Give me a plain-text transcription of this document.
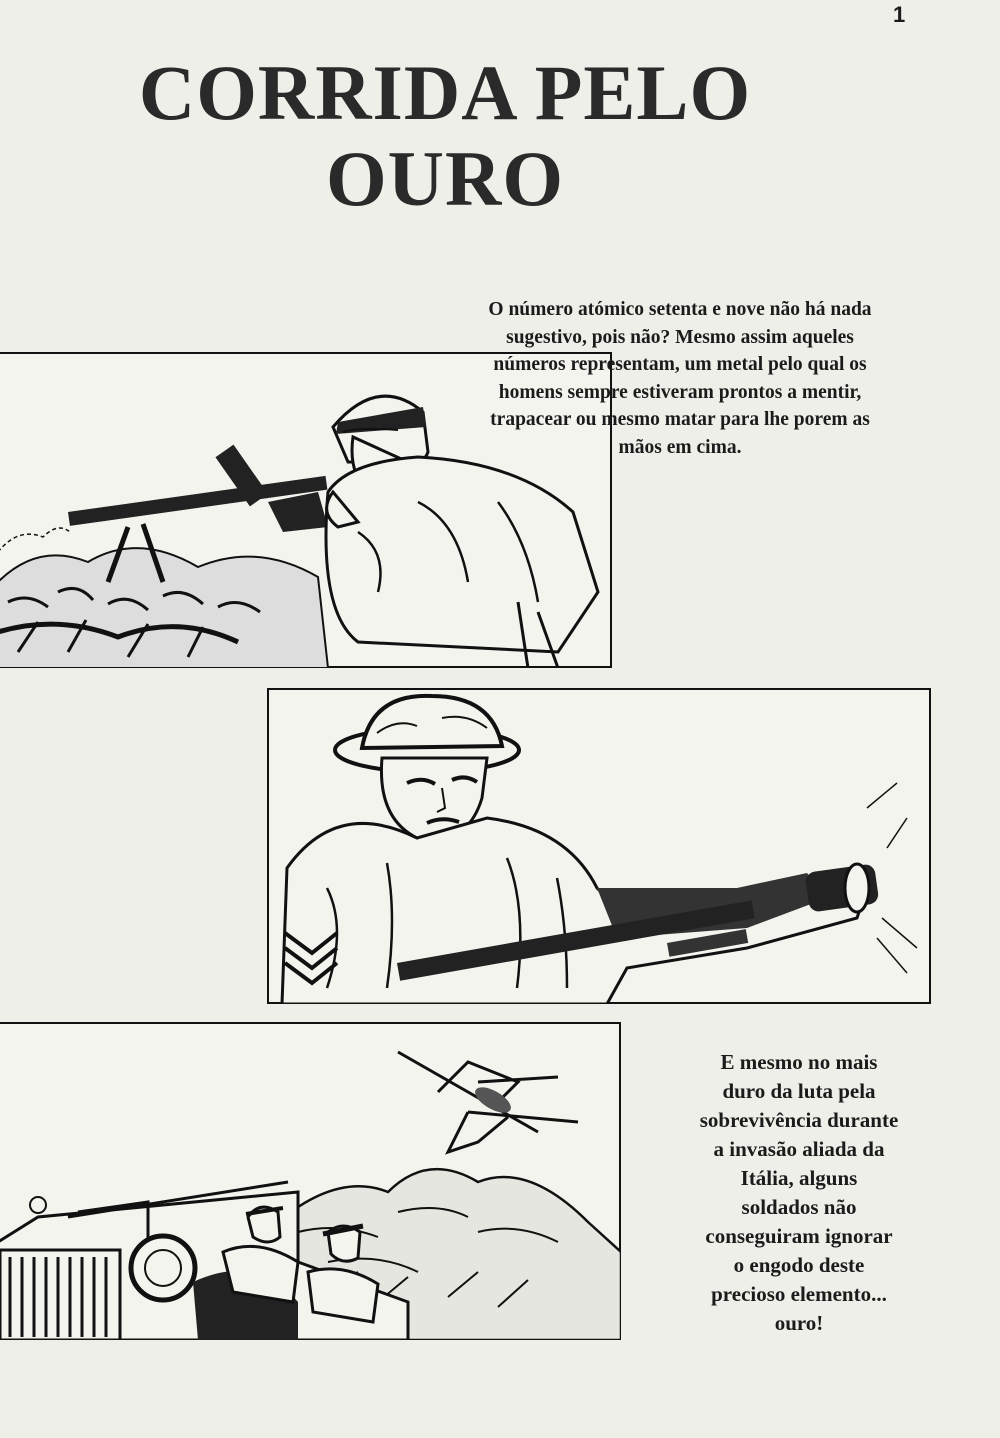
1
CORRIDA PELO
OURO
O número atómico setenta e nove não há nada
sugestivo, pois não? Mesmo assim aqueles
números representam, um metal pelo qual os
homens sempre estiveram prontos a mentir,
trapacear ou mesmo matar para lhe porem as
mãos em cima.
E mesmo no mais
duro da luta pela
sobrevivência durante
a invasão aliada da
Itália, alguns
soldados não
conseguiram ignorar
o engodo deste
precioso elemento...
ouro!
